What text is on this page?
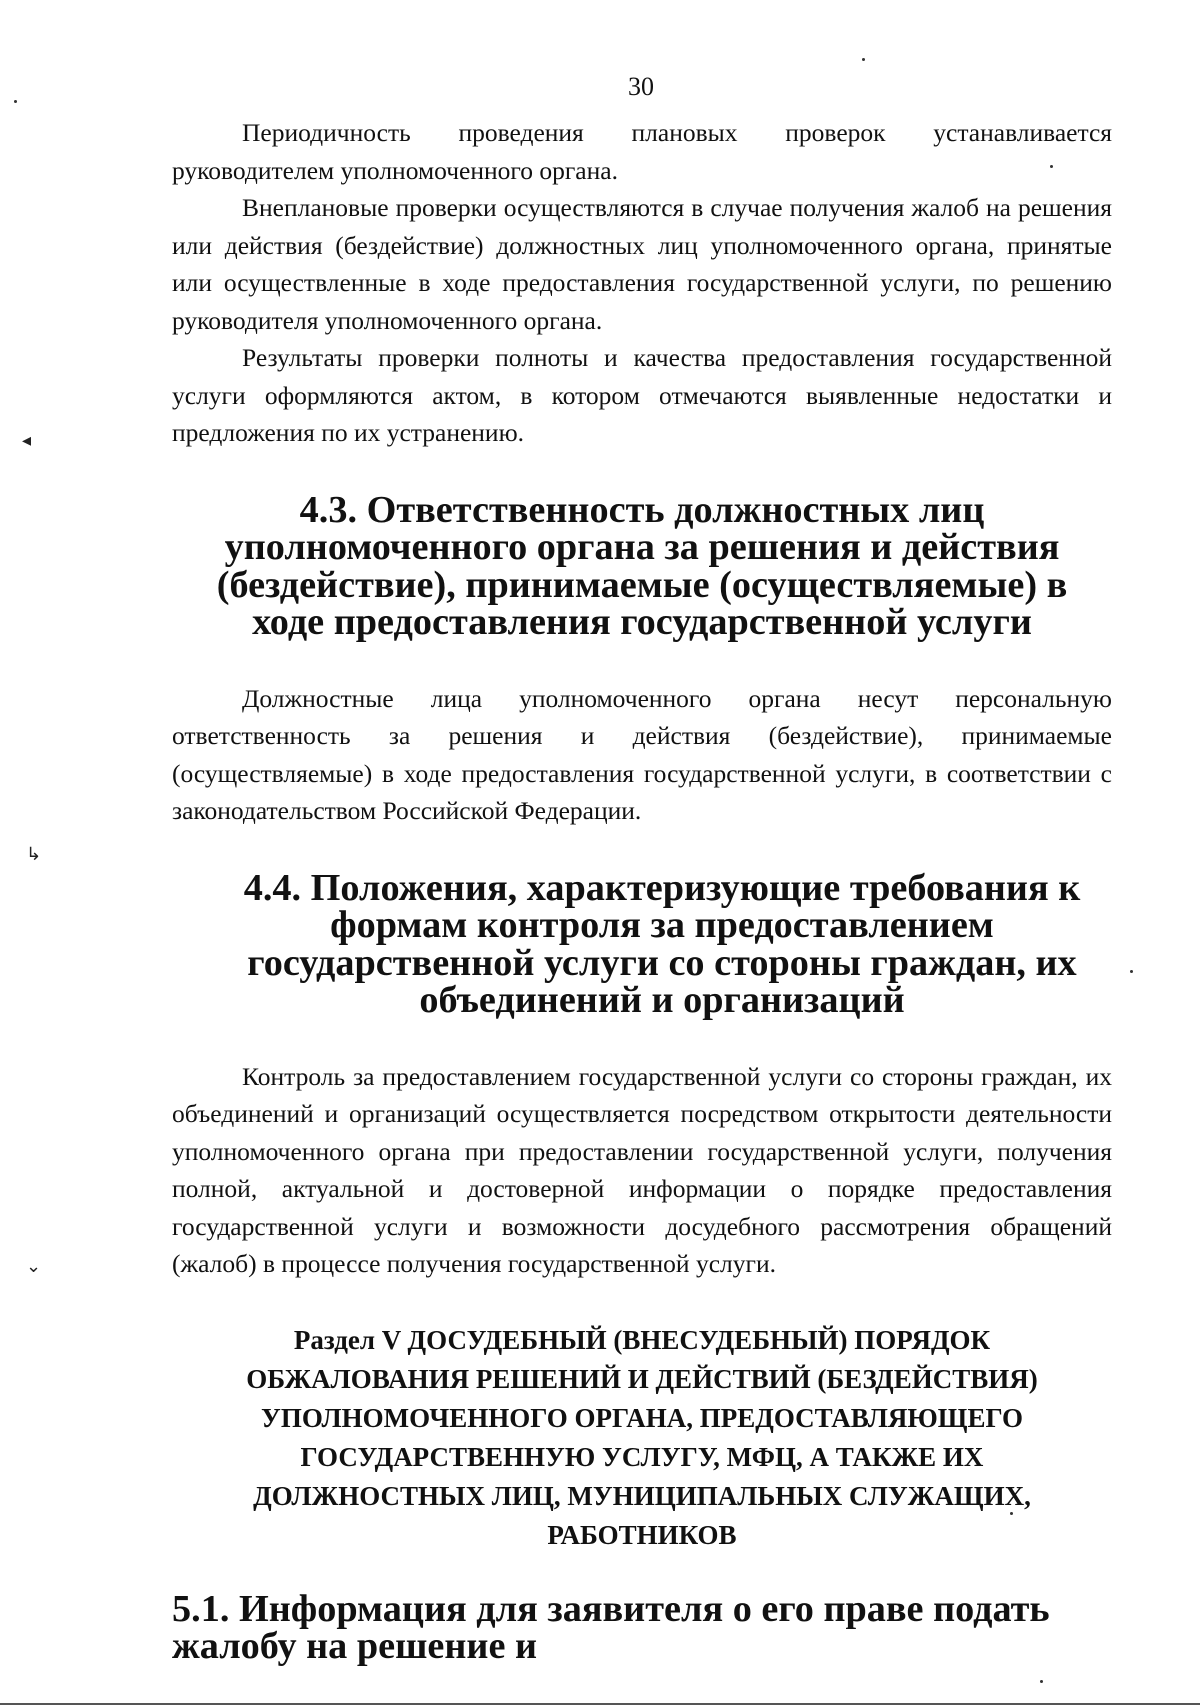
30

Периодичность проведения плановых проверок устанавливается руководителем уполномоченного органа.

Внеплановые проверки осуществляются в случае получения жалоб на решения или действия (бездействие) должностных лиц уполномоченного органа, принятые или осуществленные в ходе предоставления государственной услуги, по решению руководителя уполномоченного органа.

Результаты проверки полноты и качества предоставления государственной услуги оформляются актом, в котором отмечаются выявленные недостатки и предложения по их устранению.

4.3. Ответственность должностных лиц уполномоченного органа за решения и действия (бездействие), принимаемые (осуществляемые) в ходе предоставления государственной услуги

Должностные лица уполномоченного органа несут персональную ответственность за решения и действия (бездействие), принимаемые (осуществляемые) в ходе предоставления государственной услуги, в соответствии с законодательством Российской Федерации.

4.4. Положения, характеризующие требования к формам контроля за предоставлением государственной услуги со стороны граждан, их объединений и организаций

Контроль за предоставлением государственной услуги со стороны граждан, их объединений и организаций осуществляется посредством открытости деятельности уполномоченного органа при предоставлении государственной услуги, получения полной, актуальной и достоверной информации о порядке предоставления государственной услуги и возможности досудебного рассмотрения обращений (жалоб) в процессе получения государственной услуги.

Раздел V ДОСУДЕБНЫЙ (ВНЕСУДЕБНЫЙ) ПОРЯДОК ОБЖАЛОВАНИЯ РЕШЕНИЙ И ДЕЙСТВИЙ (БЕЗДЕЙСТВИЯ) УПОЛНОМОЧЕННОГО ОРГАНА, ПРЕДОСТАВЛЯЮЩЕГО ГОСУДАРСТВЕННУЮ УСЛУГУ, МФЦ, А ТАКЖЕ ИХ ДОЛЖНОСТНЫХ ЛИЦ, МУНИЦИПАЛЬНЫХ СЛУЖАЩИХ, РАБОТНИКОВ
5.1. Информация для заявителя о его праве подать жалобу на решение и
◂
↳
⌄
